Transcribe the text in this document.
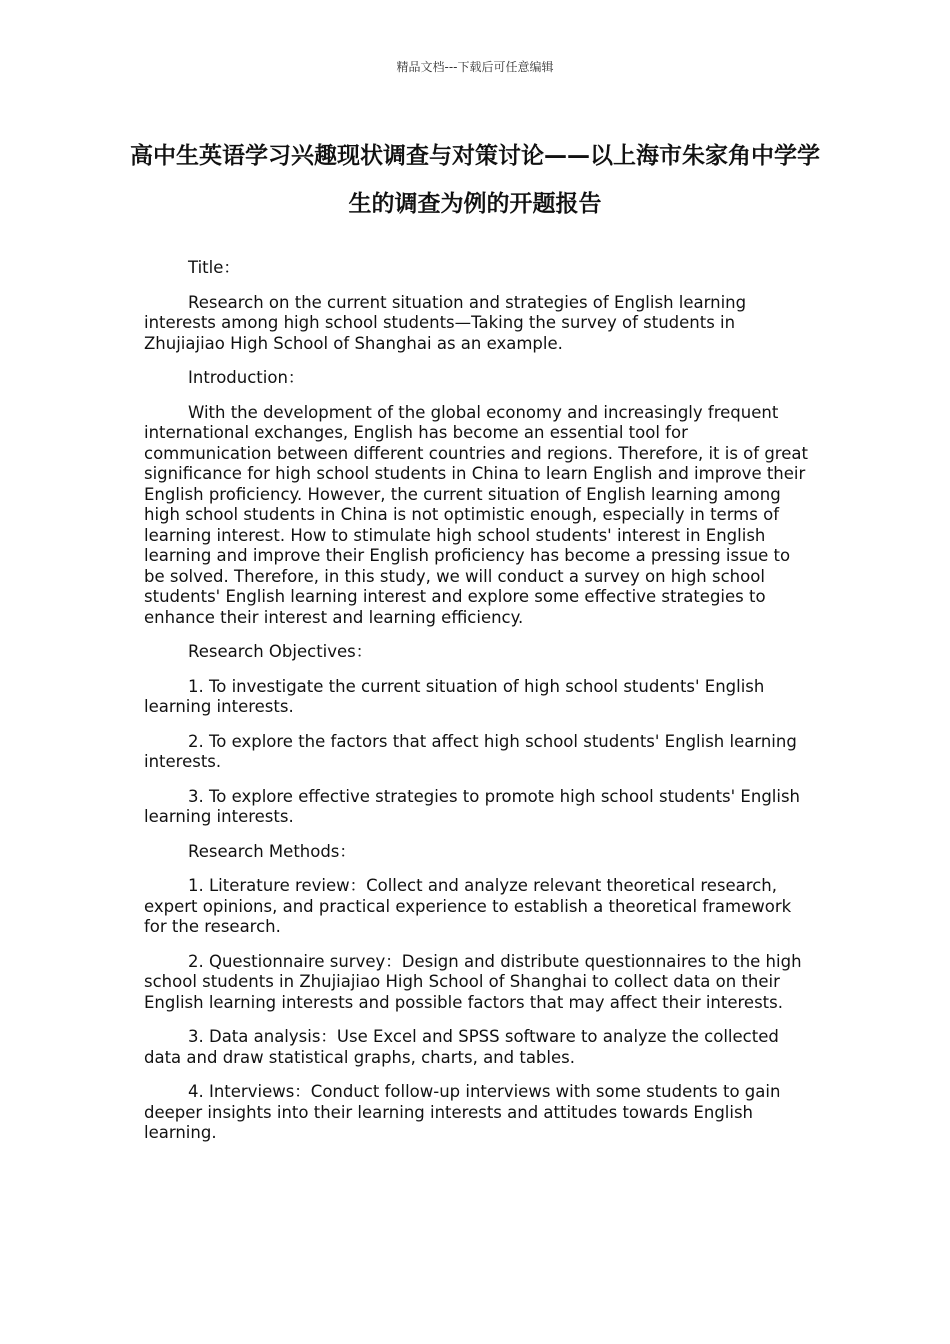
精品文档---下载后可任意编辑
高中生英语学习兴趣现状调查与对策讨论——以上海市朱家角中学学生的调查为例的开题报告

Title：

Research on the current situation and strategies of English learning interests among high school students—Taking the survey of students in Zhujiajiao High School of Shanghai as an example.

Introduction：

With the development of the global economy and increasingly frequent international exchanges, English has become an essential tool for communication between different countries and regions. Therefore, it is of great significance for high school students in China to learn English and improve their English proficiency. However, the current situation of English learning among high school students in China is not optimistic enough, especially in terms of learning interest. How to stimulate high school students' interest in English learning and improve their English proficiency has become a pressing issue to be solved. Therefore, in this study, we will conduct a survey on high school students' English learning interest and explore some effective strategies to enhance their interest and learning efficiency.

Research Objectives：

1. To investigate the current situation of high school students' English learning interests.

2. To explore the factors that affect high school students' English learning interests.

3. To explore effective strategies to promote high school students' English learning interests.

Research Methods：

1. Literature review：Collect and analyze relevant theoretical research, expert opinions, and practical experience to establish a theoretical framework for the research.

2. Questionnaire survey：Design and distribute questionnaires to the high school students in Zhujiajiao High School of Shanghai to collect data on their English learning interests and possible factors that may affect their interests.

3. Data analysis：Use Excel and SPSS software to analyze the collected data and draw statistical graphs, charts, and tables.

4. Interviews：Conduct follow-up interviews with some students to gain deeper insights into their learning interests and attitudes towards English learning.
